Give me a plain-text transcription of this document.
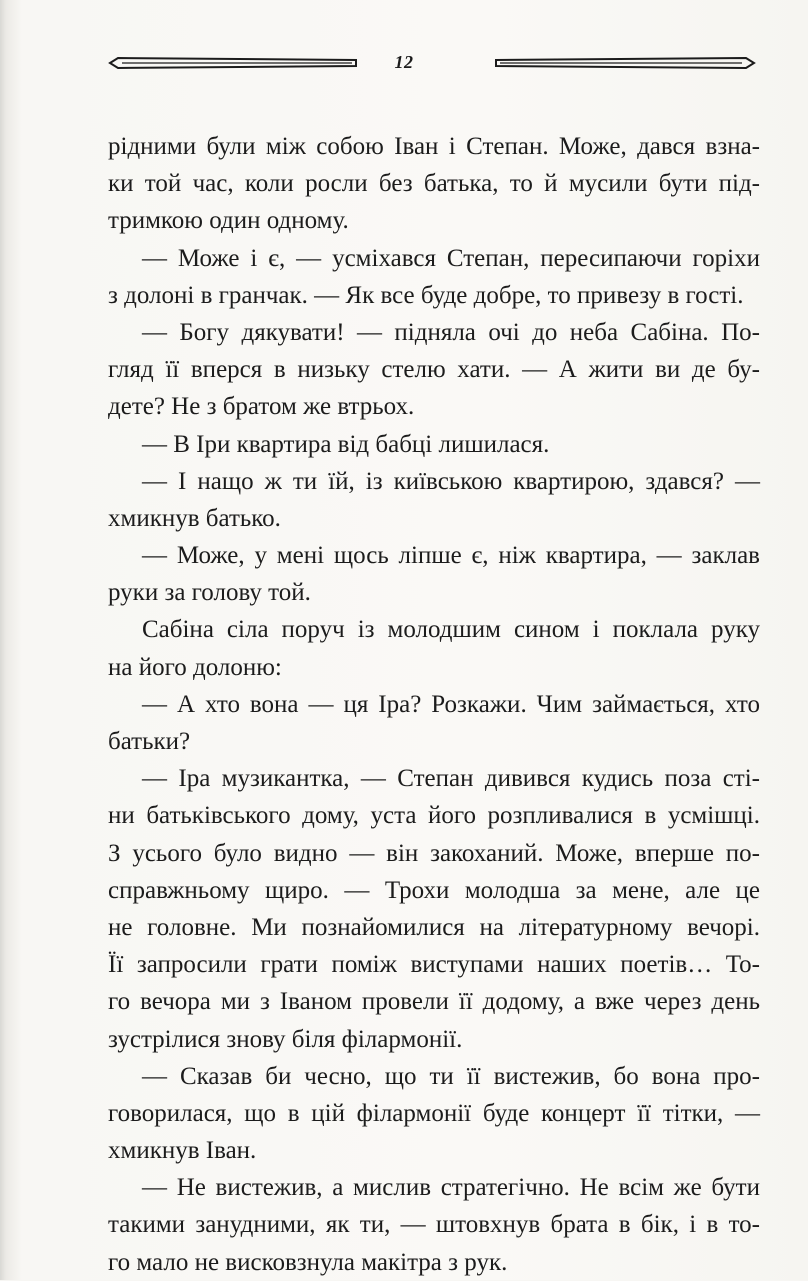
12
рідними були між собою Іван і Степан. Може, дався взна-
ки той час, коли росли без батька, то й мусили бути під-
тримкою один одному.
— Може і є, — усміхався Степан, пересипаючи горіхи
з долоні в гранчак. — Як все буде добре, то привезу в гості.
— Богу дякувати! — підняла очі до неба Сабіна. По-
гляд її вперся в низьку стелю хати. — А жити ви де бу-
дете? Не з братом же втрьох.
— В Іри квартира від бабці лишилася.
— І нащо ж ти їй, із київською квартирою, здався? —
хмикнув батько.
— Може, у мені щось ліпше є, ніж квартира, — заклав
руки за голову той.
Сабіна сіла поруч із молодшим сином і поклала руку
на його долоню:
— А хто вона — ця Іра? Розкажи. Чим займається, хто
батьки?
— Іра музикантка, — Степан дивився кудись поза сті-
ни батьківського дому, уста його розпливалися в усмішці.
З усього було видно — він закоханий. Може, вперше по-
справжньому щиро. — Трохи молодша за мене, але це
не головне. Ми познайомилися на літературному вечорі.
Її запросили грати поміж виступами наших поетів… То-
го вечора ми з Іваном провели її додому, а вже через день
зустрілися знову біля філармонії.
— Сказав би чесно, що ти її вистежив, бо вона про-
говорилася, що в цій філармонії буде концерт її тітки, —
хмикнув Іван.
— Не вистежив, а мислив стратегічно. Не всім же бути
такими занудними, як ти, — штовхнув брата в бік, і в то-
го мало не висковзнула макітра з рук.
